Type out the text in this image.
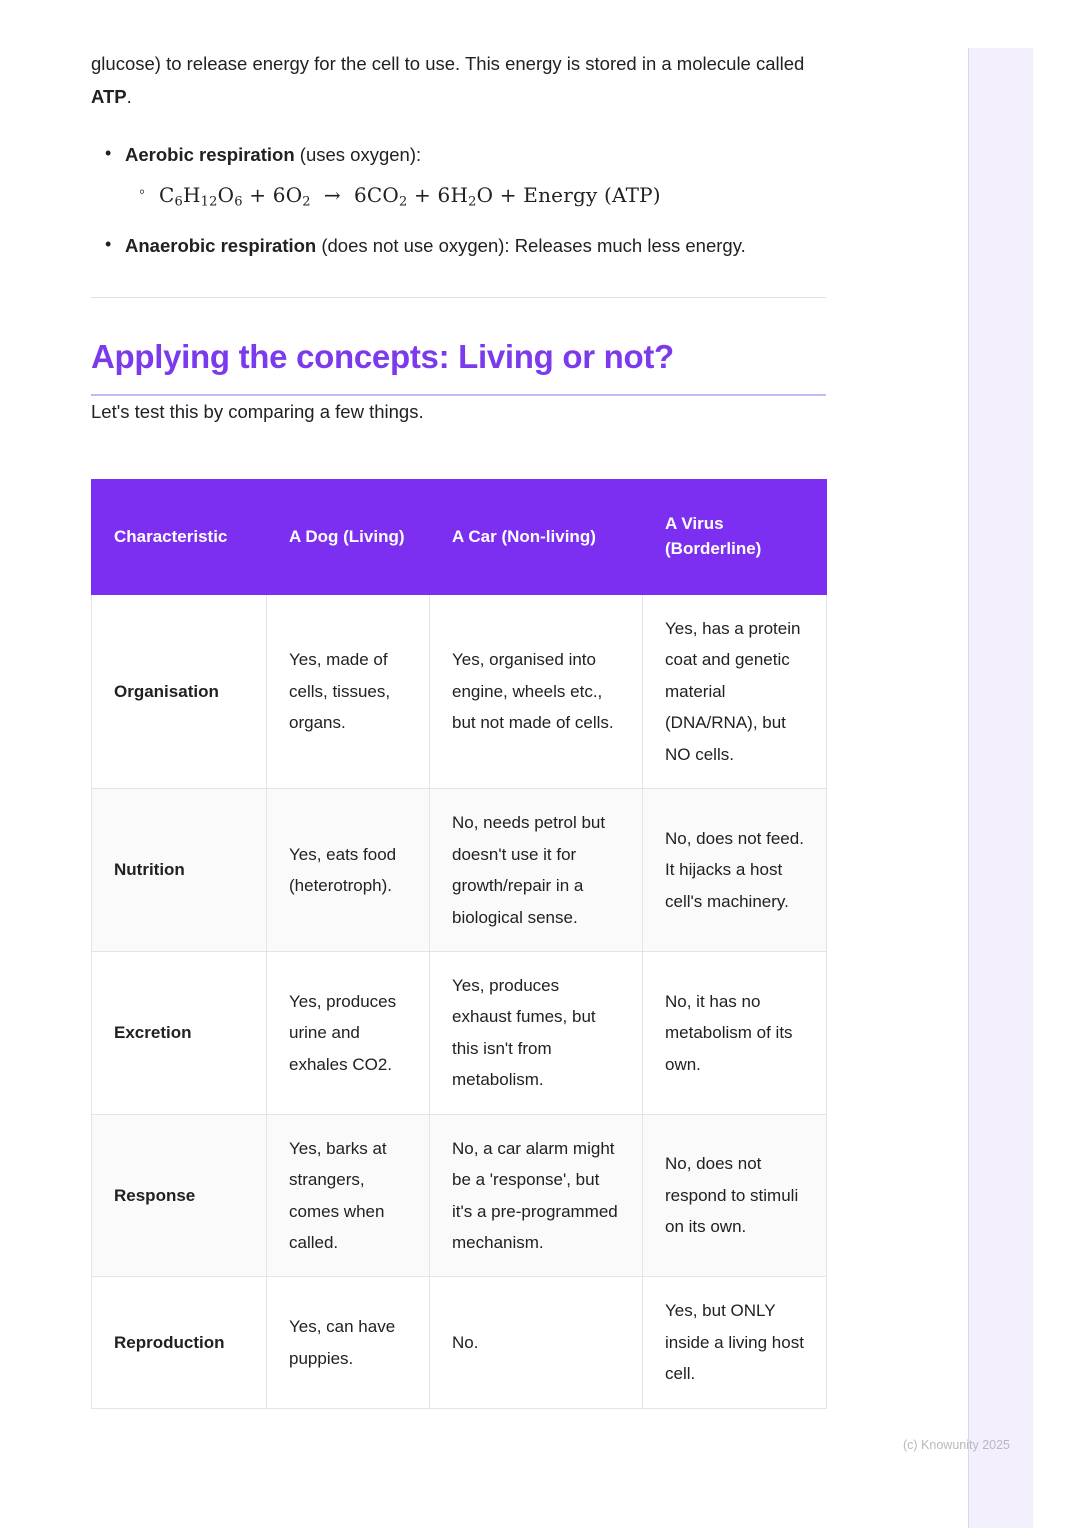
glucose) to release energy for the cell to use. This energy is stored in a molecule called ATP.

• Aerobic respiration (uses oxygen):
◦ $C_6H_{12}O_6 + 6O_2 \to 6CO_2 + 6H_2O$ + Energy (ATP)
• Anaerobic respiration (does not use oxygen): Releases much less energy.
Applying the concepts: Living or not?

Let's test this by comparing a few things.

Characteristic	A Dog (Living)	A Car (Non-living)	A Virus (Borderline)
Organisation	Yes, made of cells, tissues, organs.	Yes, organised into engine, wheels etc., but not made of cells.	Yes, has a protein coat and genetic material (DNA/RNA), but NO cells.
Nutrition	Yes, eats food (heterotroph).	No, needs petrol but doesn't use it for growth/repair in a biological sense.	No, does not feed. It hijacks a host cell's machinery.
Excretion	Yes, produces urine and exhales CO2.	Yes, produces exhaust fumes, but this isn't from metabolism.	No, it has no metabolism of its own.
Response	Yes, barks at strangers, comes when called.	No, a car alarm might be a 'response', but it's a pre-programmed mechanism.	No, does not respond to stimuli on its own.
Reproduction	Yes, can have puppies.	No.	Yes, but ONLY inside a living host cell.
(c) Knowunity 2025
